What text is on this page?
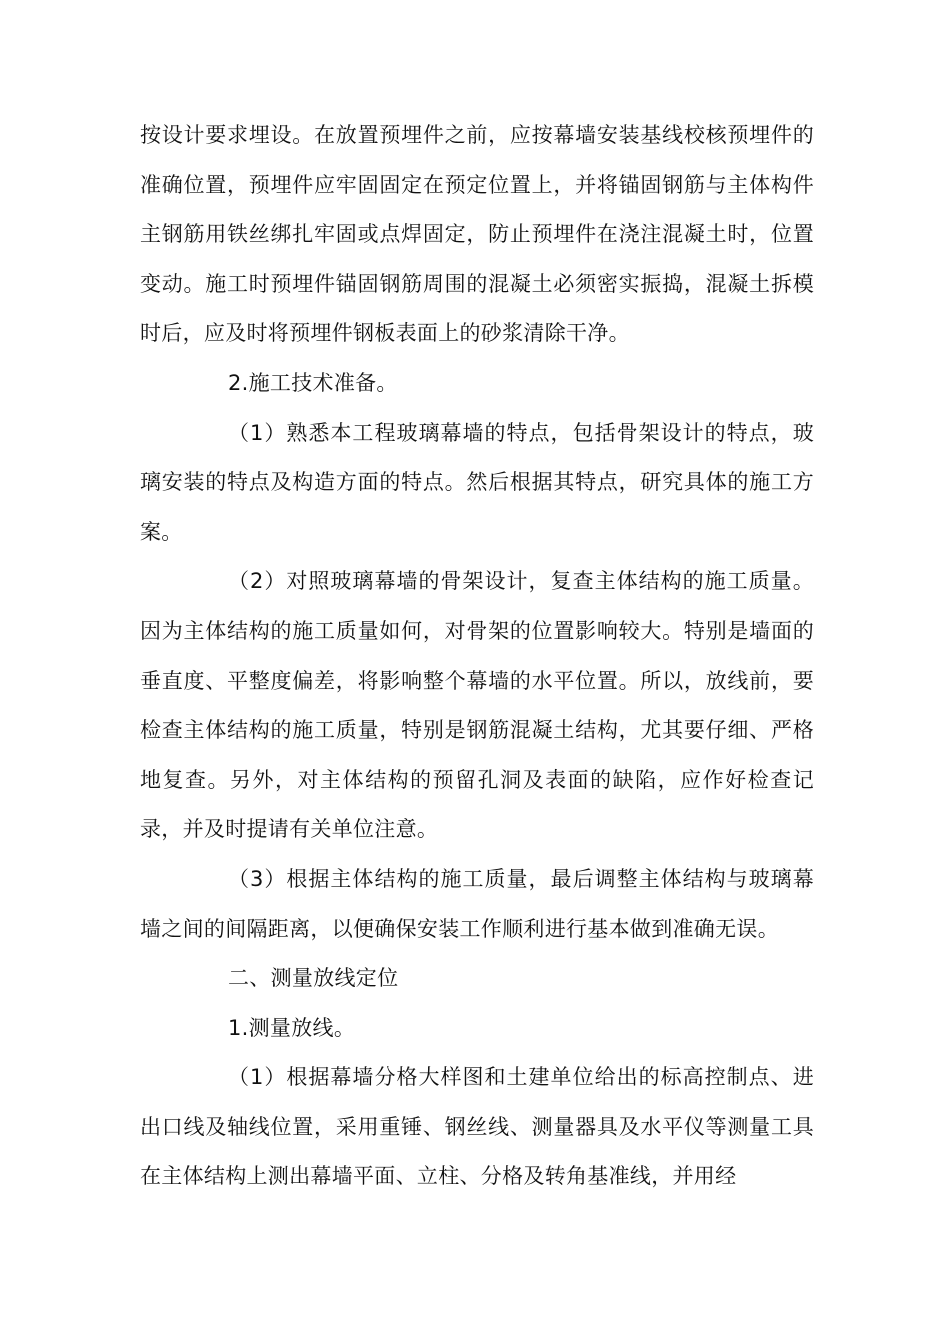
按设计要求埋设。在放置预埋件之前，应按幕墙安装基线校核预埋件的准确位置，预埋件应牢固固定在预定位置上，并将锚固钢筋与主体构件主钢筋用铁丝绑扎牢固或点焊固定，防止预埋件在浇注混凝土时，位置变动。施工时预埋件锚固钢筋周围的混凝土必须密实振捣，混凝土拆模时后，应及时将预埋件钢板表面上的砂浆清除干净。

2.施工技术准备。

（1）熟悉本工程玻璃幕墙的特点，包括骨架设计的特点，玻璃安装的特点及构造方面的特点。然后根据其特点，研究具体的施工方案。

（2）对照玻璃幕墙的骨架设计，复查主体结构的施工质量。因为主体结构的施工质量如何，对骨架的位置影响较大。特别是墙面的垂直度、平整度偏差，将影响整个幕墙的水平位置。所以，放线前，要检查主体结构的施工质量，特别是钢筋混凝土结构，尤其要仔细、严格地复查。另外，对主体结构的预留孔洞及表面的缺陷，应作好检查记录，并及时提请有关单位注意。

（3）根据主体结构的施工质量，最后调整主体结构与玻璃幕墙之间的间隔距离，以便确保安装工作顺利进行基本做到准确无误。

二、测量放线定位

1.测量放线。

（1）根据幕墙分格大样图和土建单位给出的标高控制点、进出口线及轴线位置，采用重锤、钢丝线、测量器具及水平仪等测量工具在主体结构上测出幕墙平面、立柱、分格及转角基准线，并用经
